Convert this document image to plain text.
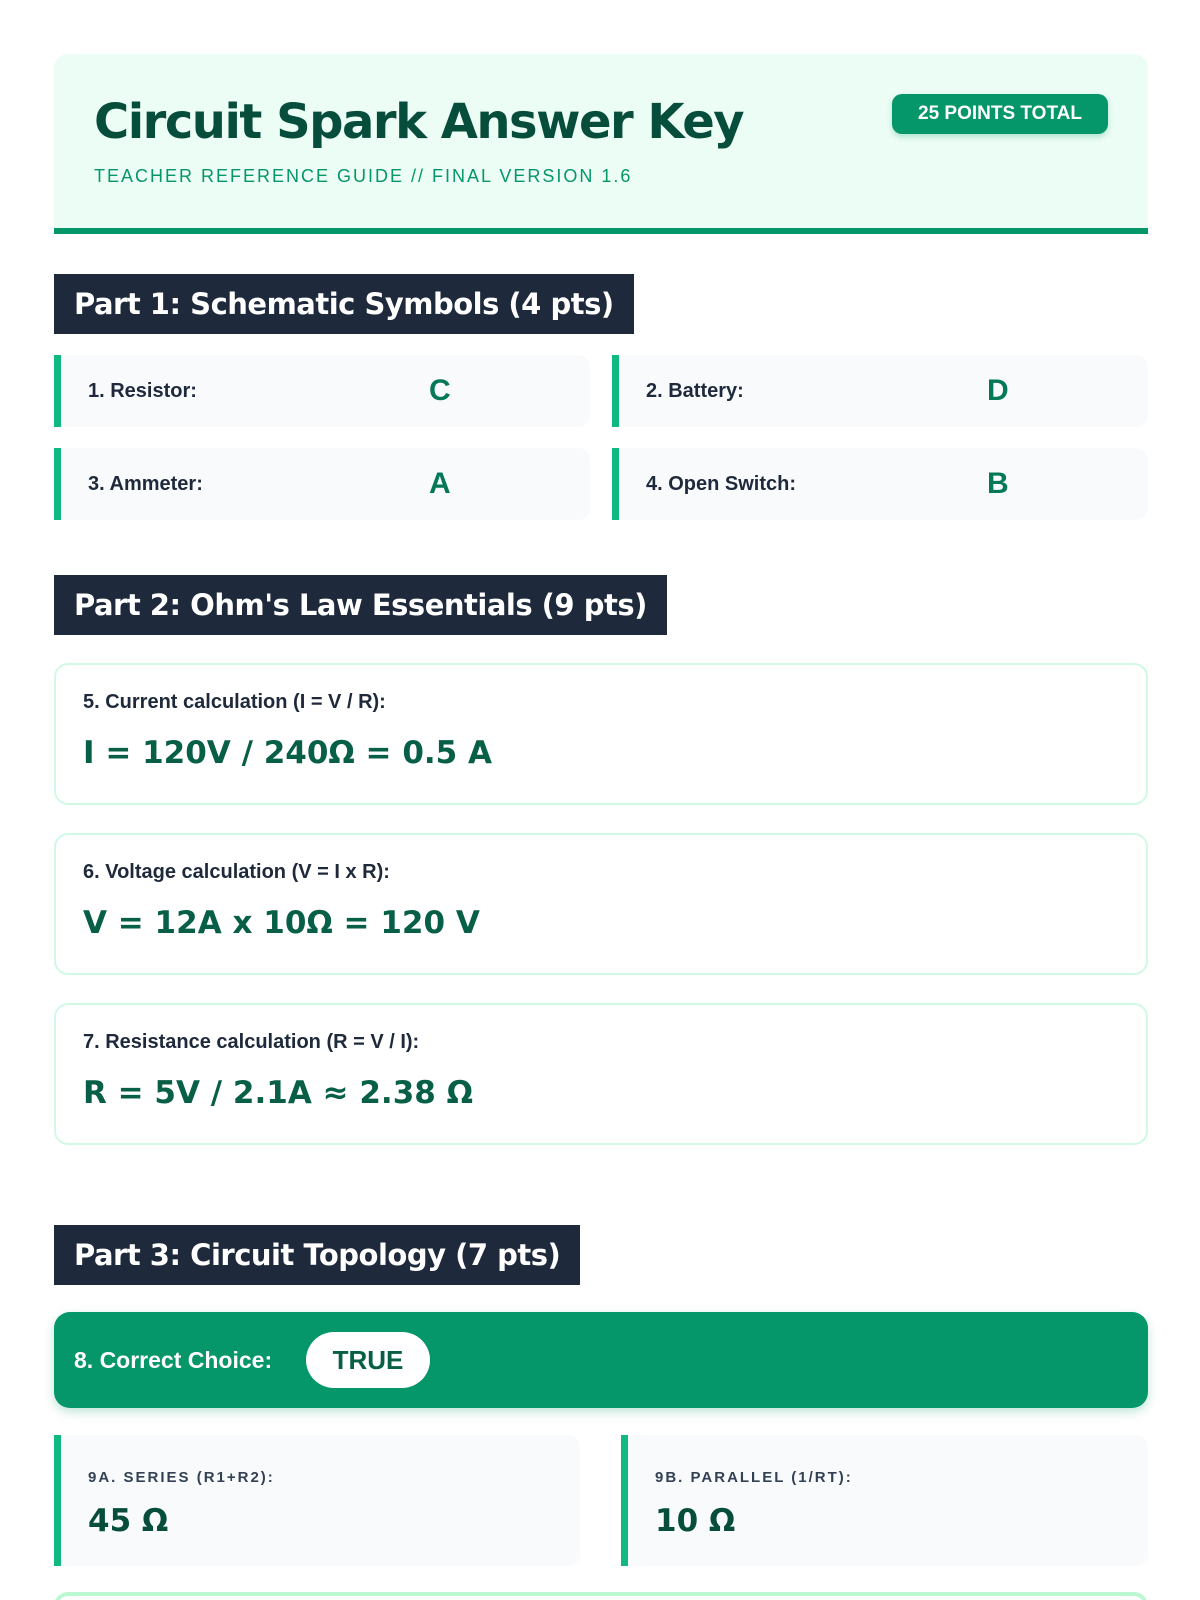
Circuit Spark Answer Key
TEACHER REFERENCE GUIDE // FINAL VERSION 1.6
25 POINTS TOTAL
Part 1: Schematic Symbols (4 pts)
1. Resistor:	C	2. Battery:	D
3. Ammeter:	A	4. Open Switch:	B
Part 2: Ohm's Law Essentials (9 pts)
5. Current calculation (I = V / R):
I = 120V / 240Ω = 0.5 A
6. Voltage calculation (V = I x R):
V = 12A x 10Ω = 120 V
7. Resistance calculation (R = V / I):
R = 5V / 2.1A ≈ 2.38 Ω
Part 3: Circuit Topology (7 pts)
8. Correct Choice:	TRUE
9A. SERIES (R1+R2):
45 Ω
9B. PARALLEL (1/RT):
10 Ω
